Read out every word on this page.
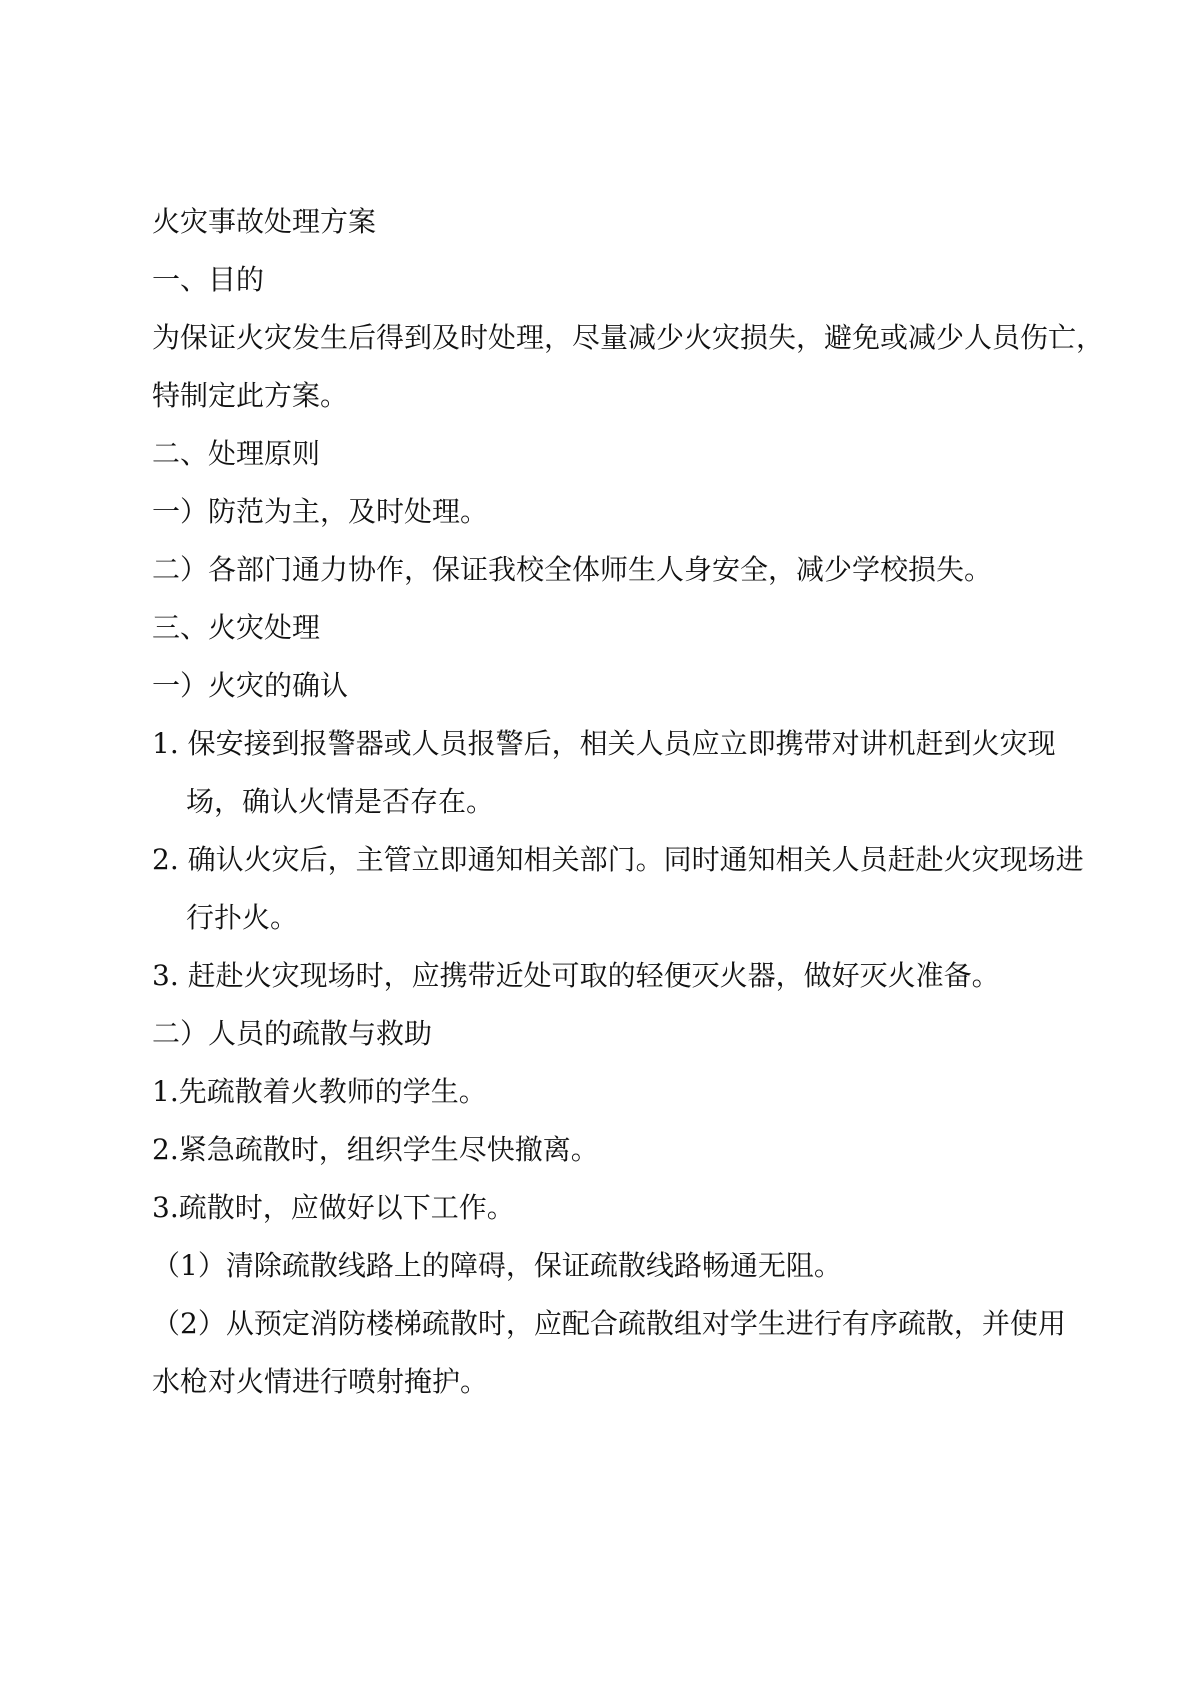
火灾事故处理方案
一、目的
为保证火灾发生后得到及时处理，尽量减少火灾损失，避免或减少人员伤亡，
特制定此方案。
二、处理原则
一）防范为主，及时处理。
二）各部门通力协作，保证我校全体师生人身安全，减少学校损失。
三、火灾处理
一）火灾的确认
1. 保安接到报警器或人员报警后，相关人员应立即携带对讲机赶到火灾现
场，确认火情是否存在。
2. 确认火灾后，主管立即通知相关部门。同时通知相关人员赶赴火灾现场进
行扑火。
3. 赶赴火灾现场时，应携带近处可取的轻便灭火器，做好灭火准备。
二）人员的疏散与救助
1.先疏散着火教师的学生。
2.紧急疏散时，组织学生尽快撤离。
3.疏散时，应做好以下工作。
（1）清除疏散线路上的障碍，保证疏散线路畅通无阻。
（2）从预定消防楼梯疏散时，应配合疏散组对学生进行有序疏散，并使用
水枪对火情进行喷射掩护。
